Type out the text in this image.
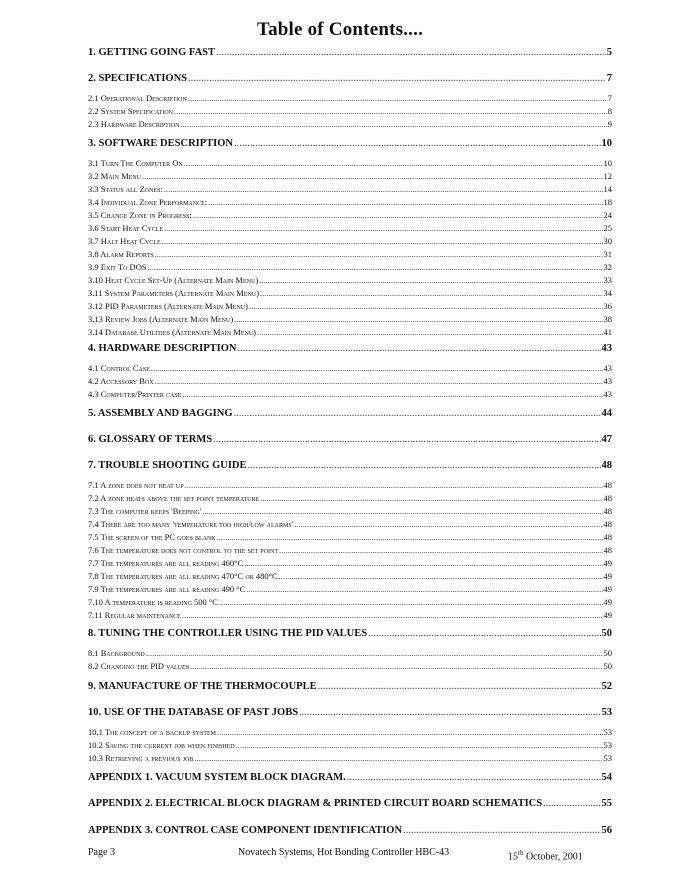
Table of Contents....
1. GETTING GOING FAST .....	5
2. SPECIFICATIONS .....	7
2.1 Operational Description .....	7
2.2 System Specification .....	8
2.3 Hardware Description .....	9
3. SOFTWARE DESCRIPTION .....	10
3.1 Turn The Computer On .....	10
3.2 Main Menu .....	12
3.3 Status all Zones: .....	14
3.4 Individual Zone Performance: .....	18
3.5 Change Zone in Progress: .....	24
3.6 Start Heat Cycle .....	25
3.7 Halt Heat Cycle .....	30
3.8 Alarm Reports .....	31
3.9 Exit To DOS .....	32
3.10 Heat Cycle Set-Up (Alternate Main Menu) .....	33
3.11 System Parameters (Alternate Main Menu) .....	34
3.12 PID Parameters (Alternate Main Menu) .....	36
3.13 Review Jobs (Alternate Main Menu) .....	38
3.14 Database Utilities (Alternate Main Menu) .....	41
4. HARDWARE DESCRIPTION .....	43
4.1 Control Case .....	43
4.2 Accessory Box .....	43
4.3 Computer/Printer case .....	43
5. ASSEMBLY AND BAGGING .....	44
6. GLOSSARY OF TERMS .....	47
7. TROUBLE SHOOTING GUIDE .....	48
7.1 A zone does not heat up .....	48
7.2 A zone heats above the set point temperature .....	48
7.3 The computer keeps 'Beeping' .....	48
7.4 There are too many 'temperature too high/low alarms' .....	48
7.5 The screen of the PC goes blank .....	48
7.6 The temperature does not control to the set point .....	48
7.7 The temperatures are all reading 460°C .....	49
7.8 The temperatures are all reading 470°C or 480°C .....	49
7.9 The temperatures are all reading 490 °C .....	49
7.10 A temperature is reading 500 °C .....	49
7.11 Regular maintenance .....	49
8. TUNING THE CONTROLLER USING THE PID VALUES .....	50
8.1 Background .....	50
8.2 Changing the PID values .....	50
9. MANUFACTURE OF THE THERMOCOUPLE .....	52
10. USE OF THE DATABASE OF PAST JOBS .....	53
10.1 The concept of a backup system .....	53
10.2 Saving the current job when finished .....	53
10.3 Retrieving a previous job .....	53
APPENDIX 1. VACUUM SYSTEM BLOCK DIAGRAM. .....	54
APPENDIX 2. ELECTRICAL BLOCK DIAGRAM & PRINTED CIRCUIT BOARD SCHEMATICS .....	55
APPENDIX 3. CONTROL CASE COMPONENT IDENTIFICATION .....	56
Page 3	Novatech Systems, Hot Bonding Controller HBC-43	15th October, 2001
